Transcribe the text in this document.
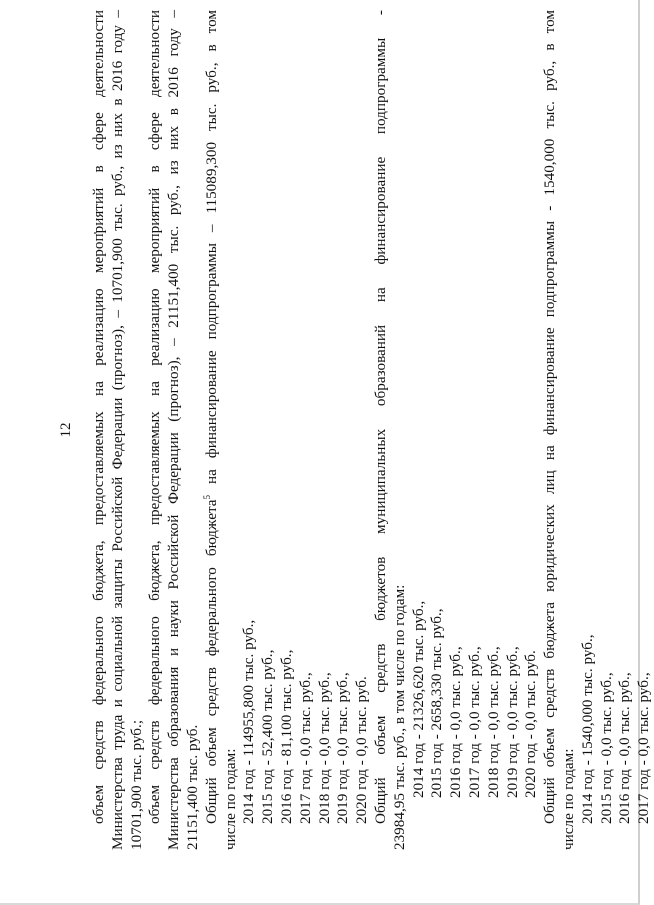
12 объем средств федерального бюджета, предоставляемых на реализацию мероприятий в сфере деятельности Министерства труда и социальной защиты Российской Федерации (прогноз), – 10701,900 тыс. руб., из них в 2016 году – 10701,900 тыс. руб.; объем средств федерального бюджета, предоставляемых на реализацию мероприятий в сфере деятельности Министерства образования и науки Российской Федерации (прогноз), – 21151,400 тыс. руб., из них в 2016 году – 21151,400 тыс. руб. Общий объем средств федерального бюджета$^5$ на финансирование подпрограммы – 115089,300 тыс. руб., в том
числе по годам: 2014 год - 114955,800 тыс. руб., 2015 год - 52,400 тыс. руб., 2016 год - 81,100 тыс. руб., 2017 год - 0,0 тыс. руб., 2018 год - 0,0 тыс. руб., 2019 год - 0,0 тыс. руб., 2020 год - 0,0 тыс. руб. Общий объем средств бюджетов муниципальных образований на финансирование подпрограммы - 23984,95 тыс. руб., в том числе по годам: 2014 год - 21326,620 тыс. руб., 2015 год - 2658,330 тыс. руб., 2016 год - 0,0 тыс. руб., 2017 год - 0,0 тыс. руб., 2018 год - 0,0 тыс. руб., 2019 год - 0,0 тыс. руб., 2020 год - 0,0 тыс. руб. Общий объем средств бюджета юридических лиц на финансирование подпрограммы - 1540,000 тыс. руб., в том числе по годам: 2014 год - 1540,000 тыс. руб., 2015 год - 0,0 тыс. руб., 2016 год - 0,0 тыс. руб., 2017 год - 0,0 тыс. руб.,
